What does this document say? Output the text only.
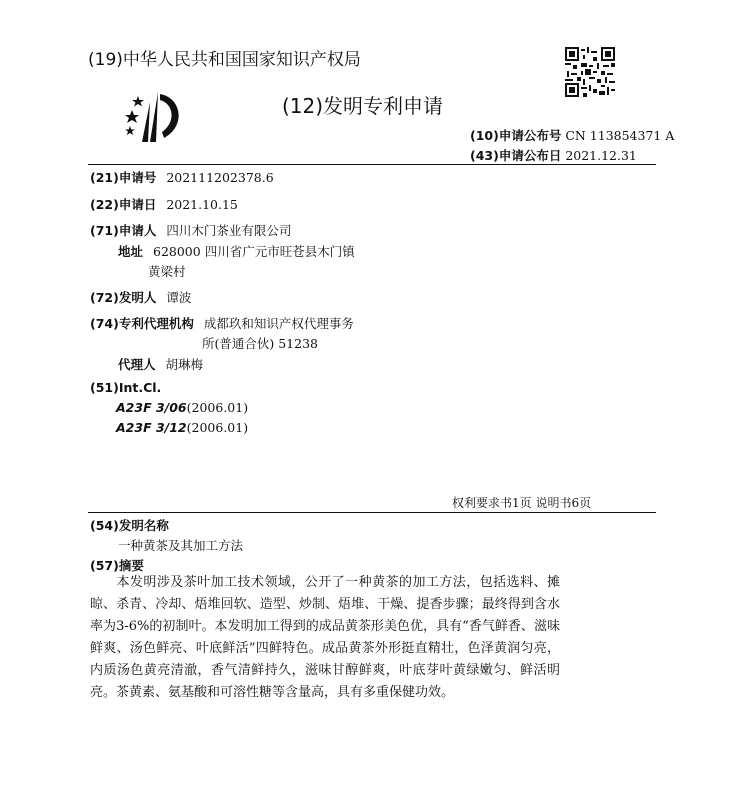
(19)中华人民共和国国家知识产权局
(12)发明专利申请
(10)申请公布号 CN 113854371 A
(43)申请公布日 2021.12.31
(21)申请号 202111202378.6
(22)申请日 2021.10.15
(71)申请人 四川木门茶业有限公司
地址 628000 四川省广元市旺苍县木门镇
黄梁村
(72)发明人 谭波
(74)专利代理机构 成都玖和知识产权代理事务
所(普通合伙) 51238
代理人 胡琳梅
(51)Int.Cl.
A23F 3/06(2006.01)
A23F 3/12(2006.01)
权利要求书1页 说明书6页
(54)发明名称
一种黄茶及其加工方法
(57)摘要
本发明涉及茶叶加工技术领域，公开了一种黄茶的加工方法，包括选料、摊晾、杀青、冷却、焐堆回软、造型、炒制、焐堆、干燥、提香步骤；最终得到含水率为3-6%的初制叶。本发明加工得到的成品黄茶形美色优，具有“香气鲜香、滋味鲜爽、汤色鲜亮、叶底鲜活”四鲜特色。成品黄茶外形挺直精壮，色泽黄润匀亮，内质汤色黄亮清澈，香气清鲜持久，滋味甘醇鲜爽，叶底芽叶黄绿嫩匀、鲜活明亮。茶黄素、氨基酸和可溶性糖等含量高，具有多重保健功效。
